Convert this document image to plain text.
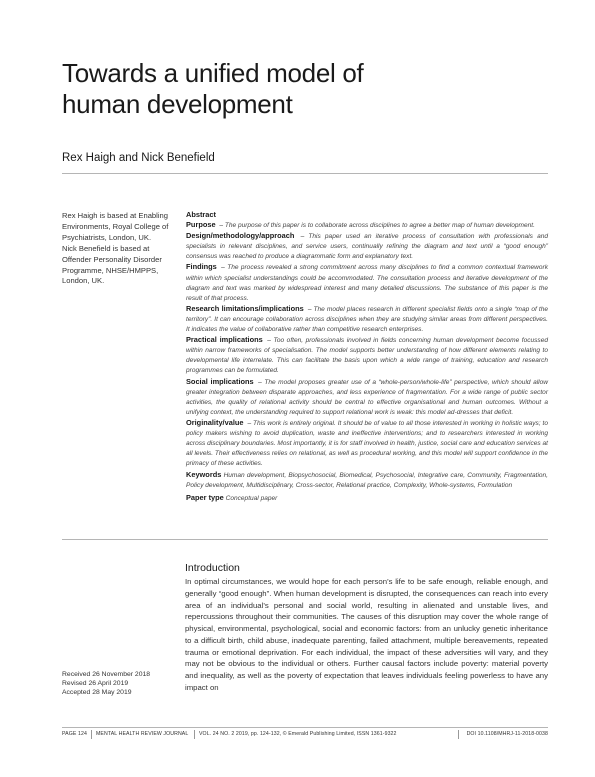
Towards a unified model of
human development
Rex Haigh and Nick Benefield
Rex Haigh is based at Enabling
Environments, Royal College of
Psychiatrists, London, UK.
Nick Benefield is based at
Offender Personality Disorder
Programme, NHSE/HMPPS,
London, UK.
Abstract
Purpose – The purpose of this paper is to collaborate across disciplines to agree a better map of human development.
Design/methodology/approach – This paper used an iterative process of consultation with professionals and specialists in relevant disciplines, and service users, continually refining the diagram and text until a “good enough” consensus was reached to produce a diagrammatic form and explanatory text.
Findings – The process revealed a strong commitment across many disciplines to find a common contextual framework within which specialist understandings could be accommodated. The consultation process and iterative development of the diagram and text was marked by widespread interest and many detailed discussions. The substance of this paper is the result of that process.
Research limitations/implications – The model places research in different specialist fields onto a single “map of the territory”. It can encourage collaboration across disciplines when they are studying similar areas from different perspectives. It indicates the value of collaborative rather than competitive research enterprises.
Practical implications – Too often, professionals involved in fields concerning human development become focussed within narrow frameworks of specialisation. The model supports better understanding of how different elements relating to developmental life interrelate. This can facilitate the basis upon which a wide range of training, education and research programmes can be formulated.
Social implications – The model proposes greater use of a “whole-person/whole-life” perspective, which should allow greater integration between disparate approaches, and less experience of fragmentation. For a wide range of public sector activities, the quality of relational activity should be central to effective organisational and human outcomes. Without a unifying context, the understanding required to support relational work is weak: this model ad-dresses that deficit.
Originality/value – This work is entirely original. It should be of value to all those interested in working in holistic ways; to policy makers wishing to avoid duplication, waste and ineffective interventions; and to researchers interested in working across disciplinary boundaries. Most importantly, it is for staff involved in health, justice, social care and education services at all levels. Their effectiveness relies on relational, as well as procedural working, and this model will support confidence in the primacy of these activities.
Keywords Human development, Biopsychosocial, Biomedical, Psychosocial, Integrative care, Community, Fragmentation, Policy development, Multidisciplinary, Cross-sector, Relational practice, Complexity, Whole-systems, Formulation
Paper type Conceptual paper
Introduction
In optimal circumstances, we would hope for each person’s life to be safe enough, reliable enough, and generally “good enough”. When human development is disrupted, the consequences can reach into every area of an individual’s personal and social world, resulting in alienated and unstable lives, and repercussions throughout their communities. The causes of this disruption may cover the whole range of physical, environmental, psychological, social and economic factors: from an unlucky genetic inheritance to a difficult birth, child abuse, inadequate parenting, failed attachment, multiple bereavements, repeated trauma or emotional deprivation. For each individual, the impact of these adversities will vary, and they may not be obvious to the individual or others. Further causal factors include poverty: material poverty and inequality, as well as the poverty of expectation that leaves individuals feeling powerless to have any impact on
Received 26 November 2018
Revised 26 April 2019
Accepted 28 May 2019
PAGE 124 MENTAL HEALTH REVIEW JOURNAL VOL. 24 NO. 2 2019, pp. 124-132, © Emerald Publishing Limited, ISSN 1361-9322	DOI 10.1108/MHRJ-11-2018-0038
